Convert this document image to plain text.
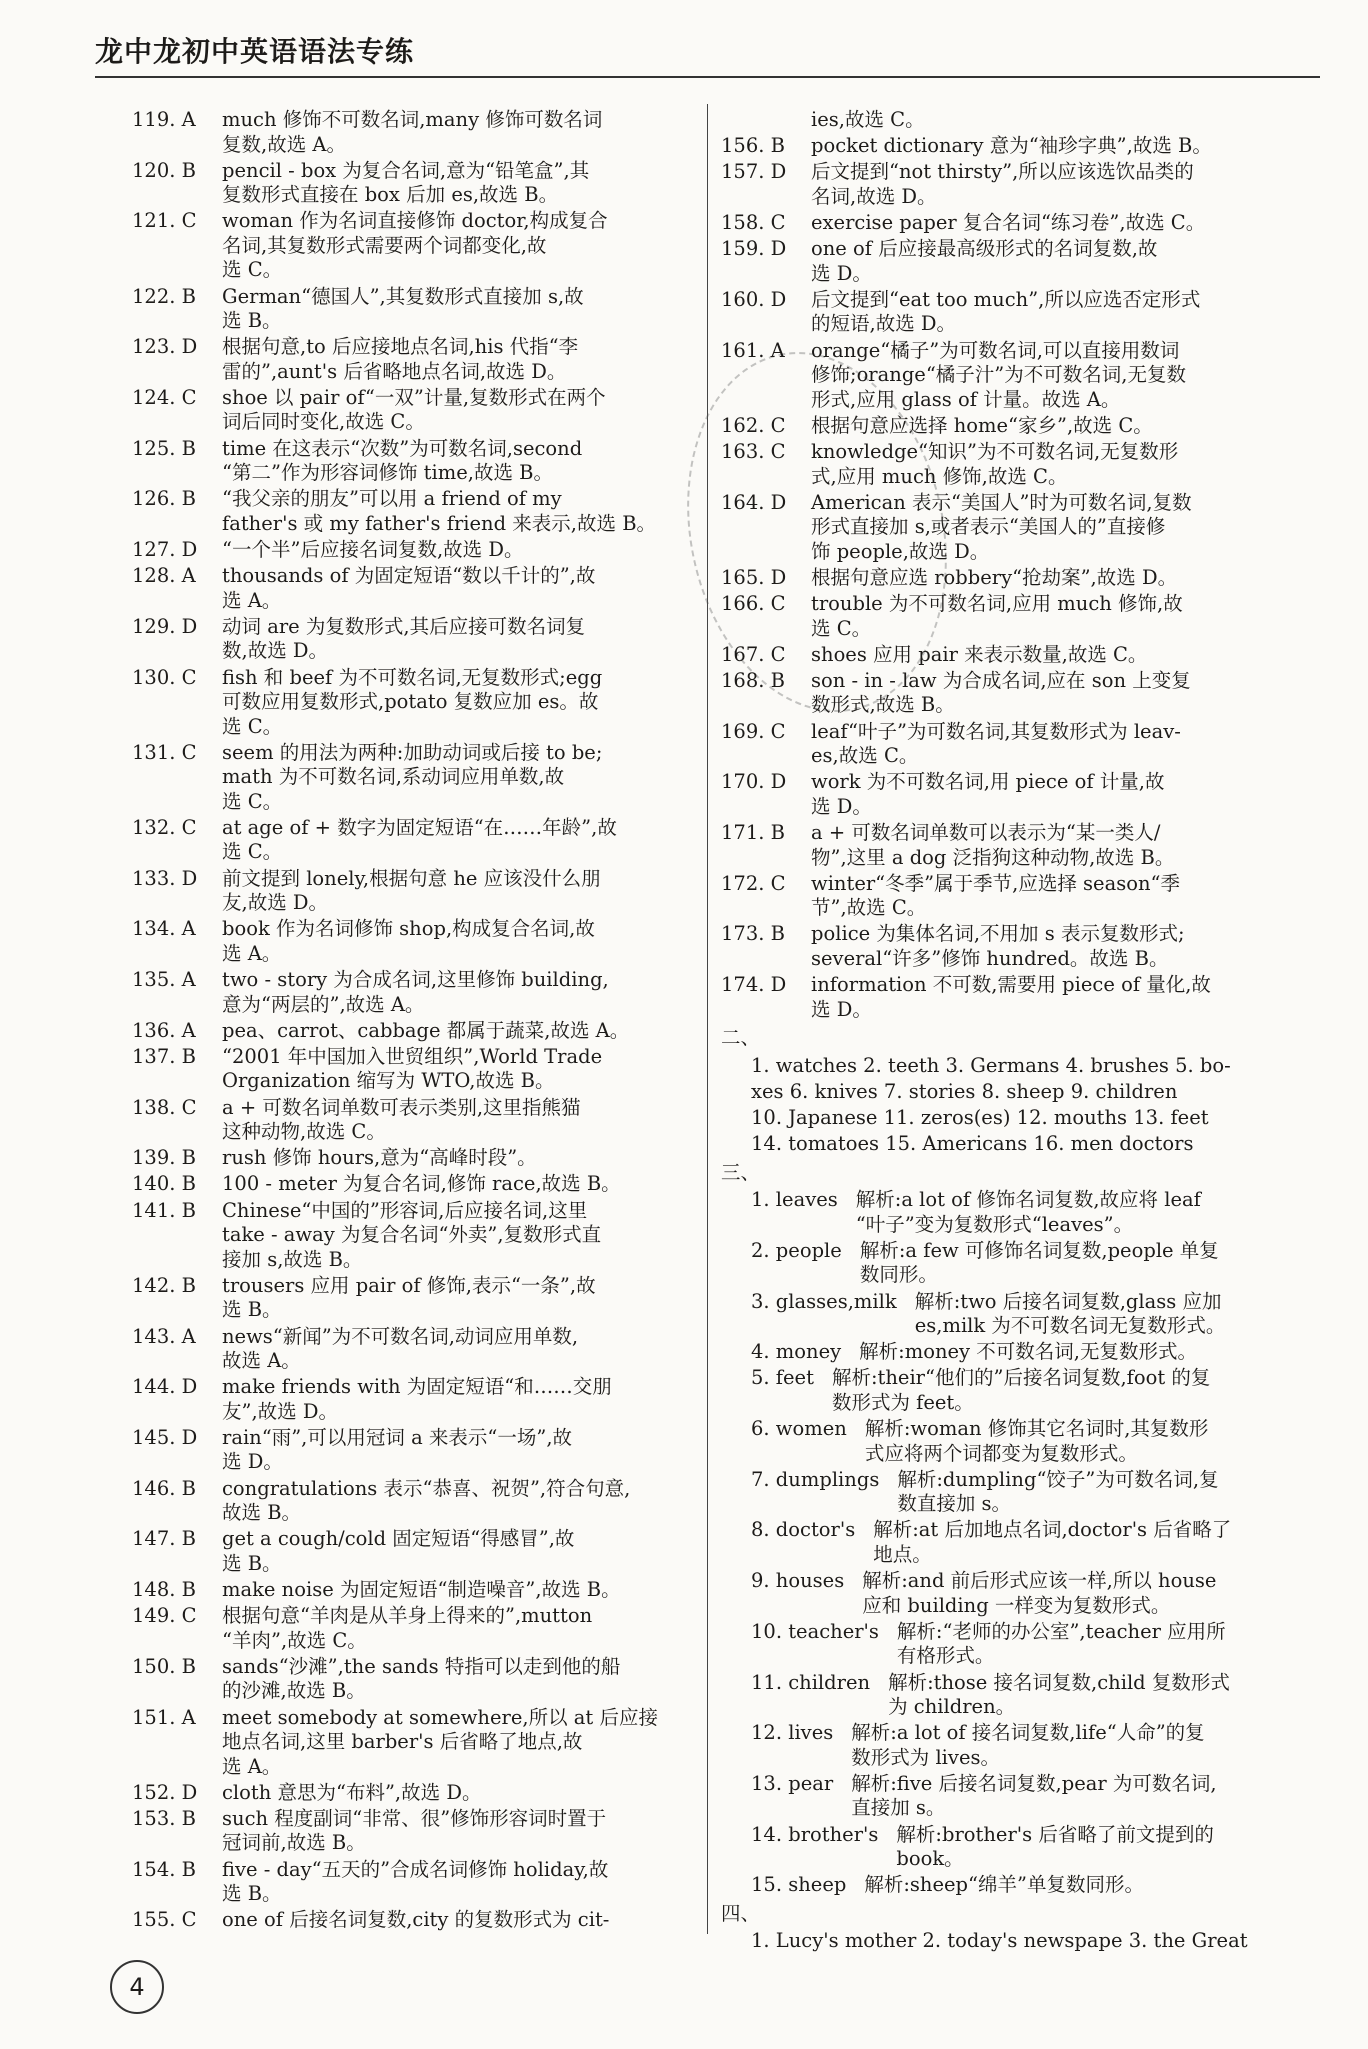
龙中龙初中英语语法专练
119. A	much 修饰不可数名词,many 修饰可数名词
复数,故选 A。
120. B	pencil - box 为复合名词,意为“铅笔盒”,其
复数形式直接在 box 后加 es,故选 B。
121. C	woman 作为名词直接修饰 doctor,构成复合
名词,其复数形式需要两个词都变化,故
选 C。
122. B	German“德国人”,其复数形式直接加 s,故
选 B。
123. D	根据句意,to 后应接地点名词,his 代指“李
雷的”,aunt's 后省略地点名词,故选 D。
124. C	shoe 以 pair of“一双”计量,复数形式在两个
词后同时变化,故选 C。
125. B	time 在这表示“次数”为可数名词,second
“第二”作为形容词修饰 time,故选 B。
126. B	“我父亲的朋友”可以用 a friend of my
father's 或 my father's friend 来表示,故选 B。
127. D	“一个半”后应接名词复数,故选 D。
128. A	thousands of 为固定短语“数以千计的”,故
选 A。
129. D	动词 are 为复数形式,其后应接可数名词复
数,故选 D。
130. C	fish 和 beef 为不可数名词,无复数形式;egg
可数应用复数形式,potato 复数应加 es。故
选 C。
131. C	seem 的用法为两种:加助动词或后接 to be;
math 为不可数名词,系动词应用单数,故
选 C。
132. C	at age of + 数字为固定短语“在……年龄”,故
选 C。
133. D	前文提到 lonely,根据句意 he 应该没什么朋
友,故选 D。
134. A	book 作为名词修饰 shop,构成复合名词,故
选 A。
135. A	two - story 为合成名词,这里修饰 building,
意为“两层的”,故选 A。
136. A	pea、carrot、cabbage 都属于蔬菜,故选 A。
137. B	“2001 年中国加入世贸组织”,World Trade
Organization 缩写为 WTO,故选 B。
138. C	a + 可数名词单数可表示类别,这里指熊猫
这种动物,故选 C。
139. B	rush 修饰 hours,意为“高峰时段”。
140. B	100 - meter 为复合名词,修饰 race,故选 B。
141. B	Chinese“中国的”形容词,后应接名词,这里
take - away 为复合名词“外卖”,复数形式直
接加 s,故选 B。
142. B	trousers 应用 pair of 修饰,表示“一条”,故
选 B。
143. A	news“新闻”为不可数名词,动词应用单数,
故选 A。
144. D	make friends with 为固定短语“和……交朋
友”,故选 D。
145. D	rain“雨”,可以用冠词 a 来表示“一场”,故
选 D。
146. B	congratulations 表示“恭喜、祝贺”,符合句意,
故选 B。
147. B	get a cough/cold 固定短语“得感冒”,故
选 B。
148. B	make noise 为固定短语“制造噪音”,故选 B。
149. C	根据句意“羊肉是从羊身上得来的”,mutton
“羊肉”,故选 C。
150. B	sands“沙滩”,the sands 特指可以走到他的船
的沙滩,故选 B。
151. A	meet somebody at somewhere,所以 at 后应接
地点名词,这里 barber's 后省略了地点,故
选 A。
152. D	cloth 意思为“布料”,故选 D。
153. B	such 程度副词“非常、很”修饰形容词时置于
冠词前,故选 B。
154. B	five - day“五天的”合成名词修饰 holiday,故
选 B。
155. C	one of 后接名词复数,city 的复数形式为 cit-
ies,故选 C。
156. B	pocket dictionary 意为“袖珍字典”,故选 B。
157. D	后文提到“not thirsty”,所以应该选饮品类的
名词,故选 D。
158. C	exercise paper 复合名词“练习卷”,故选 C。
159. D	one of 后应接最高级形式的名词复数,故
选 D。
160. D	后文提到“eat too much”,所以应选否定形式
的短语,故选 D。
161. A	orange“橘子”为可数名词,可以直接用数词
修饰;orange“橘子汁”为不可数名词,无复数
形式,应用 glass of 计量。故选 A。
162. C	根据句意应选择 home“家乡”,故选 C。
163. C	knowledge“知识”为不可数名词,无复数形
式,应用 much 修饰,故选 C。
164. D	American 表示“美国人”时为可数名词,复数
形式直接加 s,或者表示“美国人的”直接修
饰 people,故选 D。
165. D	根据句意应选 robbery“抢劫案”,故选 D。
166. C	trouble 为不可数名词,应用 much 修饰,故
选 C。
167. C	shoes 应用 pair 来表示数量,故选 C。
168. B	son - in - law 为合成名词,应在 son 上变复
数形式,故选 B。
169. C	leaf“叶子”为可数名词,其复数形式为 leav-
es,故选 C。
170. D	work 为不可数名词,用 piece of 计量,故
选 D。
171. B	a + 可数名词单数可以表示为“某一类人/
物”,这里 a dog 泛指狗这种动物,故选 B。
172. C	winter“冬季”属于季节,应选择 season“季
节”,故选 C。
173. B	police 为集体名词,不用加 s 表示复数形式;
several“许多”修饰 hundred。故选 B。
174. D	information 不可数,需要用 piece of 量化,故
选 D。
二、
1. watches 2. teeth 3. Germans 4. brushes 5. bo-
xes 6. knives 7. stories 8. sheep 9. children
10. Japanese 11. zeros(es) 12. mouths 13. feet
14. tomatoes 15. Americans 16. men doctors
三、
1. leaves 解析:a lot of 修饰名词复数,故应将 leaf
“叶子”变为复数形式“leaves”。
2. people 解析:a few 可修饰名词复数,people 单复
数同形。
3. glasses,milk 解析:two 后接名词复数,glass 应加
es,milk 为不可数名词无复数形式。
4. money 解析:money 不可数名词,无复数形式。
5. feet 解析:their“他们的”后接名词复数,foot 的复
数形式为 feet。
6. women 解析:woman 修饰其它名词时,其复数形
式应将两个词都变为复数形式。
7. dumplings 解析:dumpling“饺子”为可数名词,复
数直接加 s。
8. doctor's 解析:at 后加地点名词,doctor's 后省略了
地点。
9. houses 解析:and 前后形式应该一样,所以 house
应和 building 一样变为复数形式。
10. teacher's 解析:“老师的办公室”,teacher 应用所
有格形式。
11. children 解析:those 接名词复数,child 复数形式
为 children。
12. lives 解析:a lot of 接名词复数,life“人命”的复
数形式为 lives。
13. pear 解析:five 后接名词复数,pear 为可数名词,
直接加 s。
14. brother's 解析:brother's 后省略了前文提到的
book。
15. sheep 解析:sheep“绵羊”单复数同形。
四、
1. Lucy's mother 2. today's newspape 3. the Great
4
